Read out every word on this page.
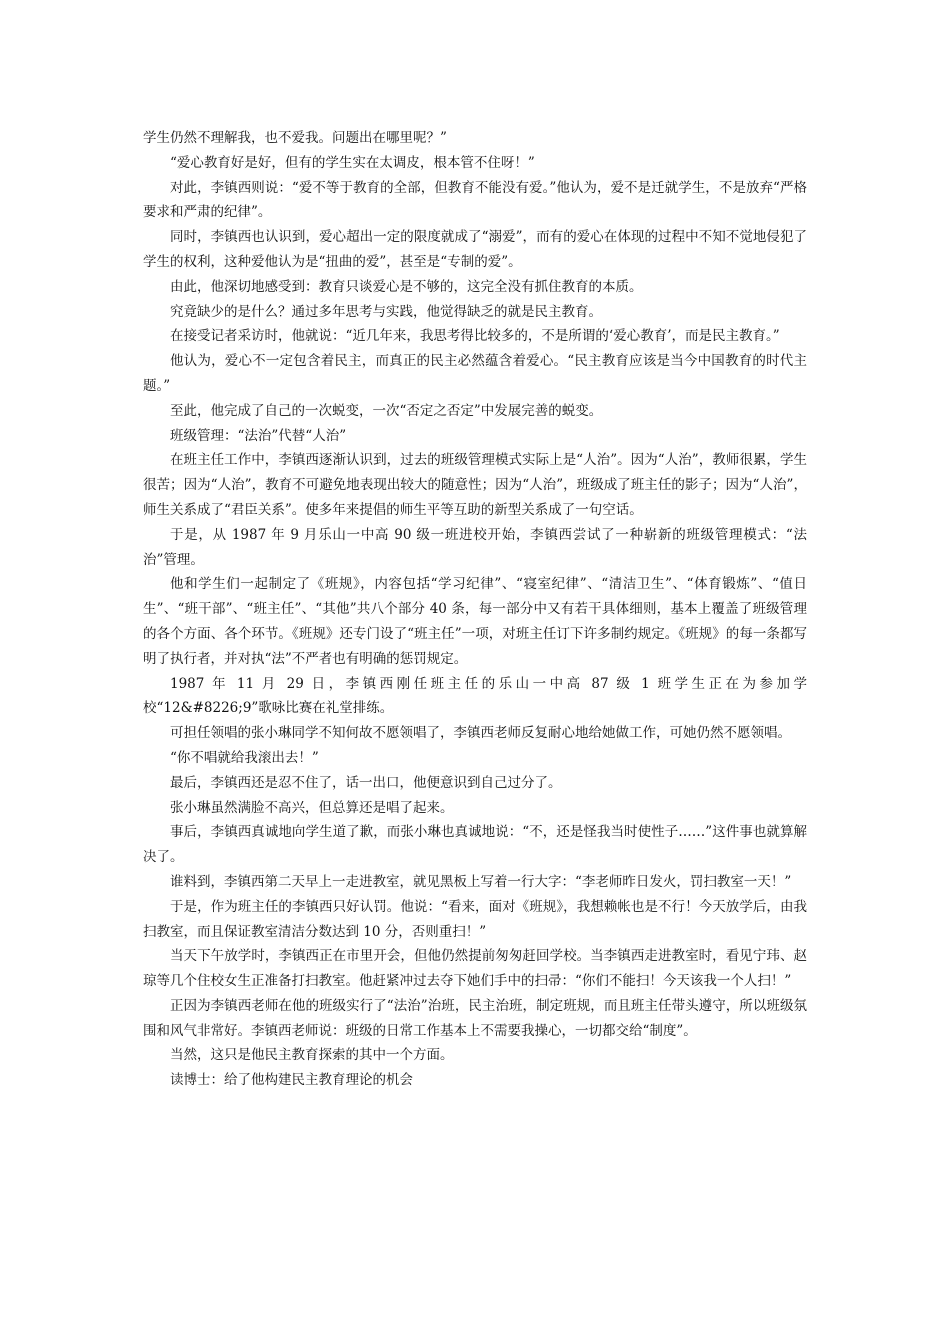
学生仍然不理解我，也不爱我。问题出在哪里呢？”

“爱心教育好是好，但有的学生实在太调皮，根本管不住呀！”

对此，李镇西则说：“爱不等于教育的全部，但教育不能没有爱。”他认为，爱不是迁就学生，不是放弃“严格要求和严肃的纪律”。

同时，李镇西也认识到，爱心超出一定的限度就成了“溺爱”，而有的爱心在体现的过程中不知不觉地侵犯了学生的权利，这种爱他认为是“扭曲的爱”，甚至是“专制的爱”。

由此，他深切地感受到：教育只谈爱心是不够的，这完全没有抓住教育的本质。

究竟缺少的是什么？通过多年思考与实践，他觉得缺乏的就是民主教育。

在接受记者采访时，他就说：“近几年来，我思考得比较多的，不是所谓的‘爱心教育’，而是民主教育。”

他认为，爱心不一定包含着民主，而真正的民主必然蕴含着爱心。“民主教育应该是当今中国教育的时代主题。”

至此，他完成了自己的一次蜕变，一次“否定之否定”中发展完善的蜕变。

班级管理：“法治”代替“人治”

在班主任工作中，李镇西逐渐认识到，过去的班级管理模式实际上是“人治”。因为“人治”，教师很累，学生很苦；因为“人治”，教育不可避免地表现出较大的随意性；因为“人治”，班级成了班主任的影子；因为“人治”，师生关系成了“君臣关系”。使多年来提倡的师生平等互助的新型关系成了一句空话。

于是，从 1987 年 9 月乐山一中高 90 级一班进校开始，李镇西尝试了一种崭新的班级管理模式：“法治”管理。

他和学生们一起制定了《班规》，内容包括“学习纪律”、“寝室纪律”、“清洁卫生”、“体育锻炼”、“值日生”、“班干部”、“班主任”、“其他”共八个部分 40 条，每一部分中又有若干具体细则，基本上覆盖了班级管理的各个方面、各个环节。《班规》还专门设了“班主任”一项，对班主任订下许多制约规定。《班规》的每一条都写明了执行者，并对执“法”不严者也有明确的惩罚规定。

1987 年 11 月 29 日，李镇西刚任班主任的乐山一中高 87 级 1 班学生正在为参加学校“12&#8226;9”歌咏比赛在礼堂排练。

可担任领唱的张小琳同学不知何故不愿领唱了，李镇西老师反复耐心地给她做工作，可她仍然不愿领唱。

“你不唱就给我滚出去！”

最后，李镇西还是忍不住了，话一出口，他便意识到自己过分了。

张小琳虽然满脸不高兴，但总算还是唱了起来。

事后，李镇西真诚地向学生道了歉，而张小琳也真诚地说：“不，还是怪我当时使性子……”这件事也就算解决了。

谁料到，李镇西第二天早上一走进教室，就见黑板上写着一行大字：“李老师昨日发火，罚扫教室一天！”

于是，作为班主任的李镇西只好认罚。他说：“看来，面对《班规》，我想赖帐也是不行！今天放学后，由我扫教室，而且保证教室清洁分数达到 10 分，否则重扫！”

当天下午放学时，李镇西正在市里开会，但他仍然提前匆匆赶回学校。当李镇西走进教室时，看见宁玮、赵琼等几个住校女生正准备打扫教室。他赶紧冲过去夺下她们手中的扫帚：“你们不能扫！今天该我一个人扫！”

正因为李镇西老师在他的班级实行了“法治”治班，民主治班，制定班规，而且班主任带头遵守，所以班级氛围和风气非常好。李镇西老师说：班级的日常工作基本上不需要我操心，一切都交给“制度”。

当然，这只是他民主教育探索的其中一个方面。

读博士：给了他构建民主教育理论的机会
